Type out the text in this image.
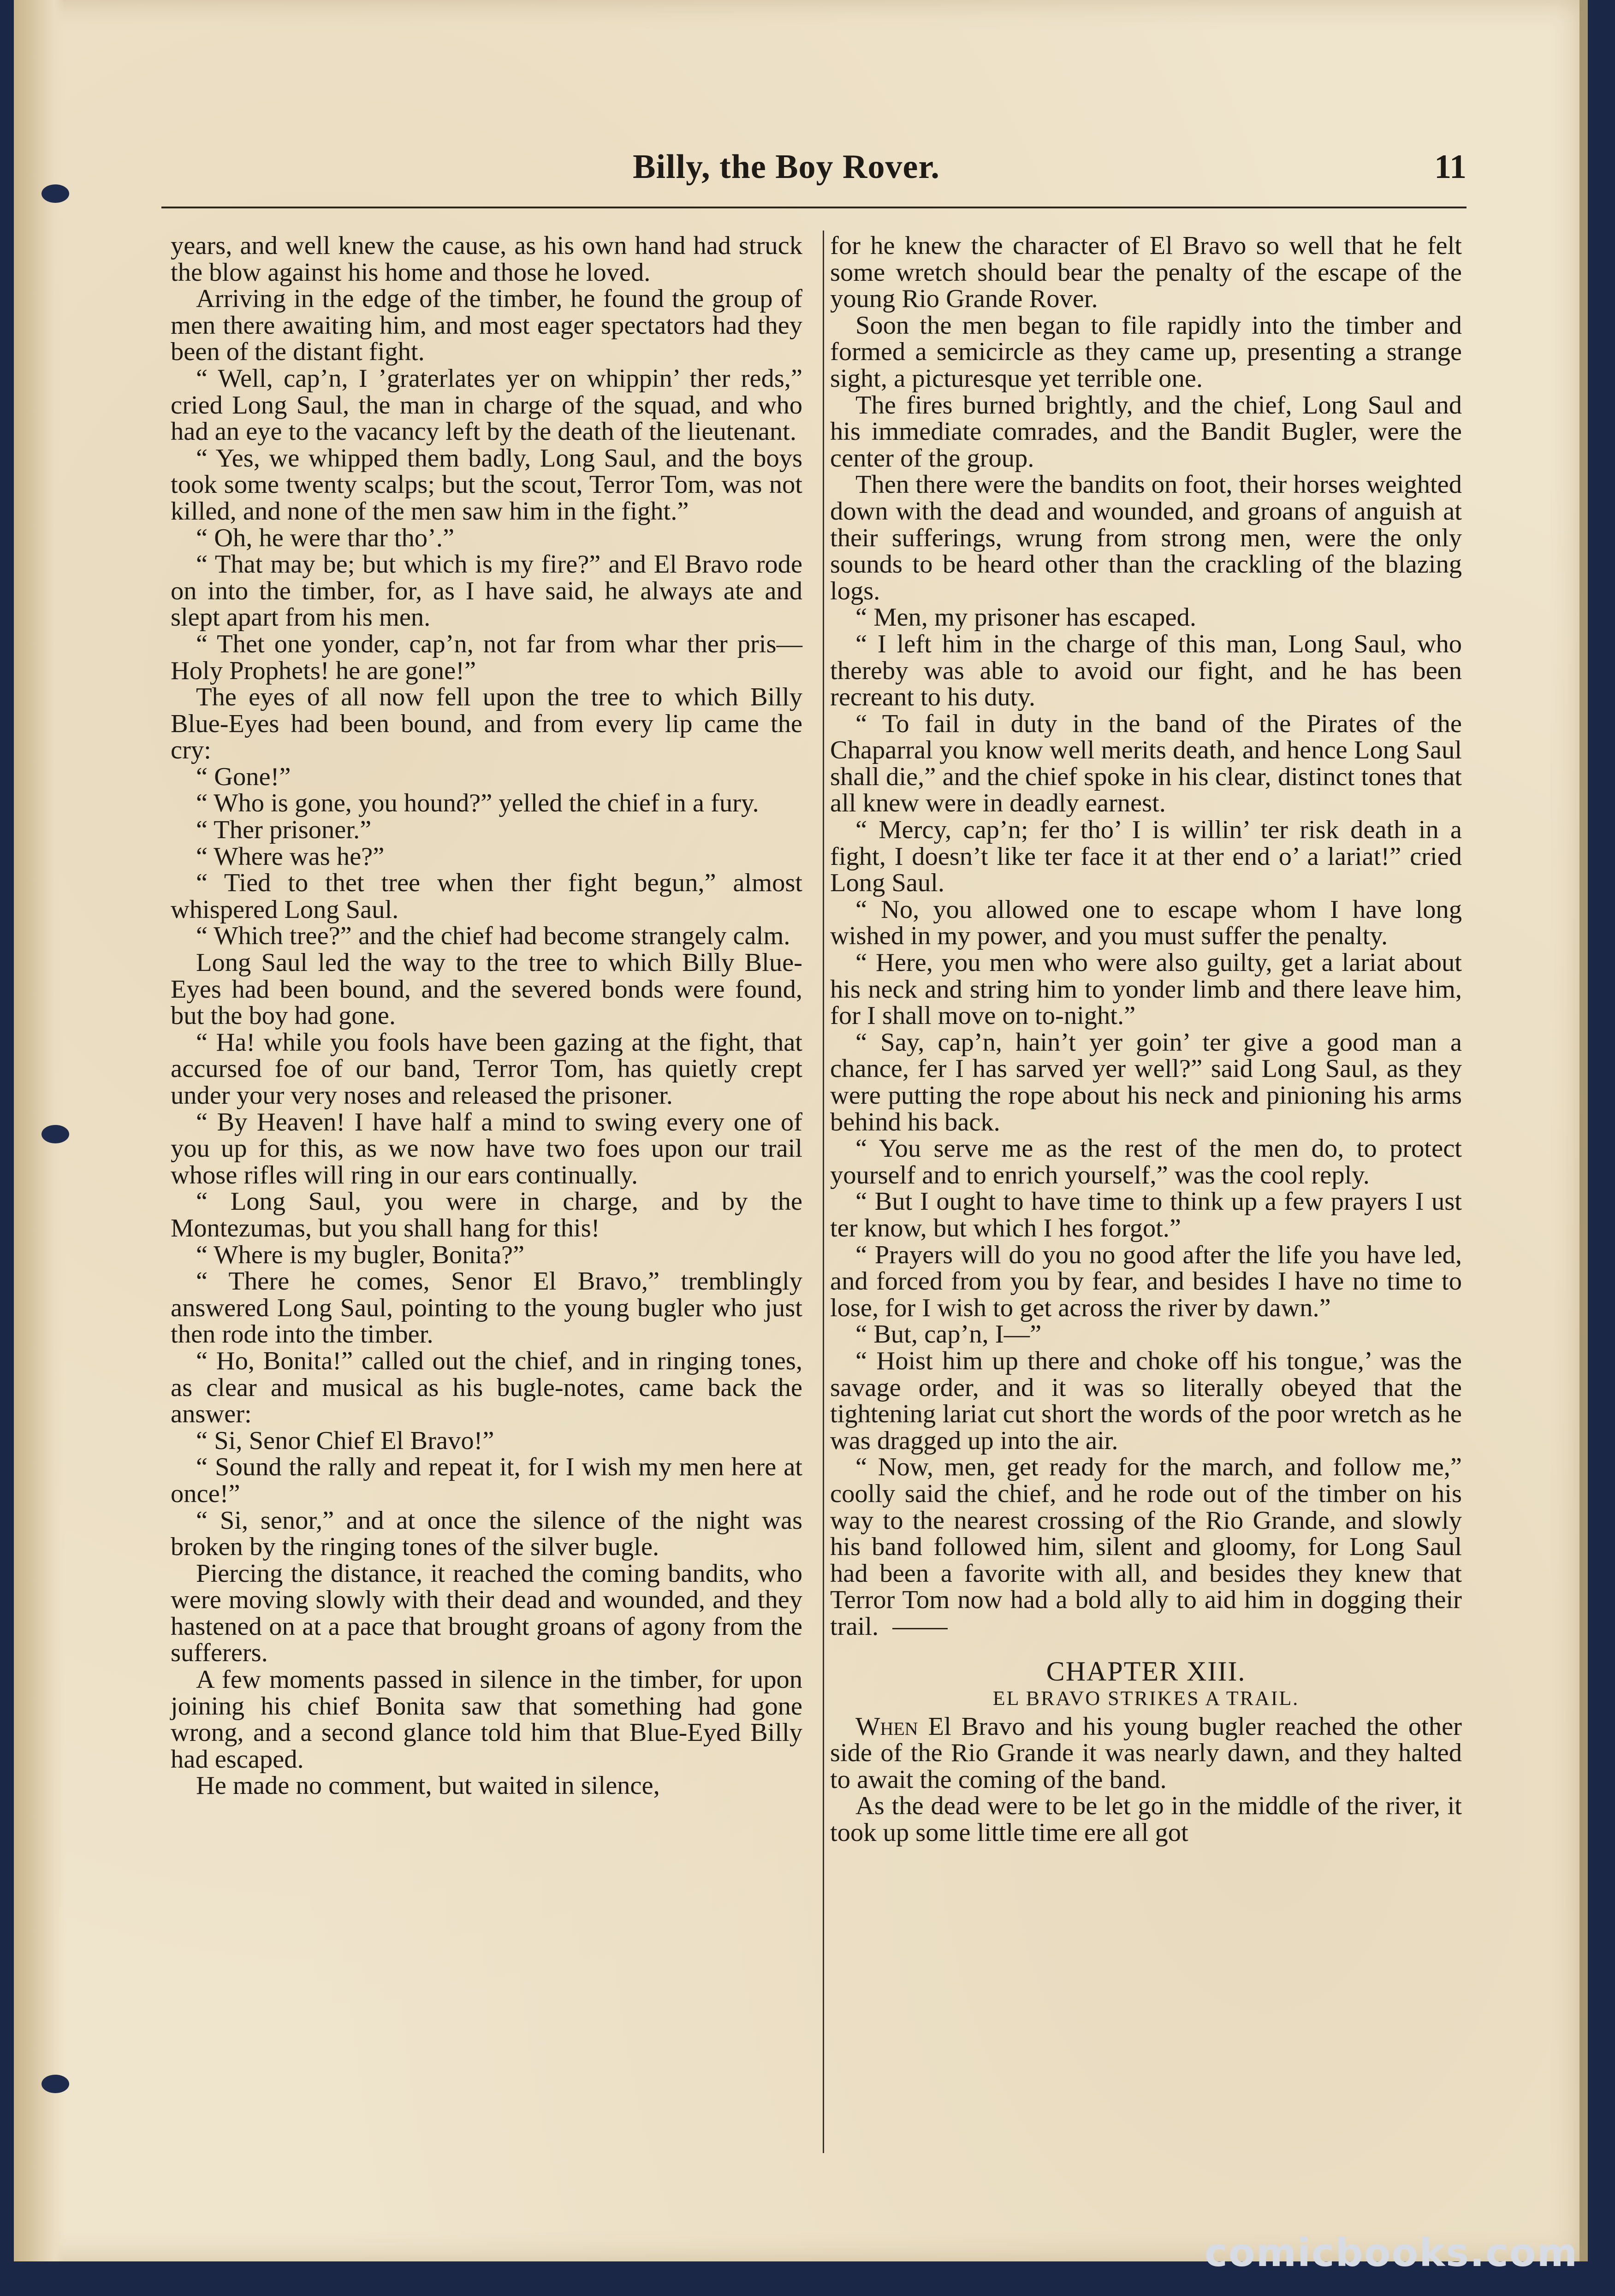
Billy, the Boy Rover.	11

years, and well knew the cause, as his own hand had struck the blow against his home and those he loved.

Arriving in the edge of the timber, he found the group of men there awaiting him, and most eager spectators had they been of the distant fight.

“ Well, cap’n, I ’graterlates yer on whippin’ ther reds,” cried Long Saul, the man in charge of the squad, and who had an eye to the vacancy left by the death of the lieutenant.

“ Yes, we whipped them badly, Long Saul, and the boys took some twenty scalps; but the scout, Terror Tom, was not killed, and none of the men saw him in the fight.”

“ Oh, he were thar tho’.”

“ That may be; but which is my fire?” and El Bravo rode on into the timber, for, as I have said, he always ate and slept apart from his men.

“ Thet one yonder, cap’n, not far from whar ther pris— Holy Prophets! he are gone!”

The eyes of all now fell upon the tree to which Billy Blue-Eyes had been bound, and from every lip came the cry:

“ Gone!”

“ Who is gone, you hound?” yelled the chief in a fury.

“ Ther prisoner.”

“ Where was he?”

“ Tied to thet tree when ther fight begun,” almost whispered Long Saul.

“ Which tree?” and the chief had become strangely calm.

Long Saul led the way to the tree to which Billy Blue-Eyes had been bound, and the severed bonds were found, but the boy had gone.

“ Ha! while you fools have been gazing at the fight, that accursed foe of our band, Terror Tom, has quietly crept under your very noses and released the prisoner.

“ By Heaven! I have half a mind to swing every one of you up for this, as we now have two foes upon our trail whose rifles will ring in our ears continually.

“ Long Saul, you were in charge, and by the Montezumas, but you shall hang for this!

“ Where is my bugler, Bonita?”

“ There he comes, Senor El Bravo,” tremblingly answered Long Saul, pointing to the young bugler who just then rode into the timber.

“ Ho, Bonita!” called out the chief, and in ringing tones, as clear and musical as his bugle-notes, came back the answer:

“ Si, Senor Chief El Bravo!”

“ Sound the rally and repeat it, for I wish my men here at once!”

“ Si, senor,” and at once the silence of the night was broken by the ringing tones of the silver bugle.

Piercing the distance, it reached the coming bandits, who were moving slowly with their dead and wounded, and they hastened on at a pace that brought groans of agony from the sufferers.

A few moments passed in silence in the timber, for upon joining his chief Bonita saw that something had gone wrong, and a second glance told him that Blue-Eyed Billy had escaped.

He made no comment, but waited in silence,

for he knew the character of El Bravo so well that he felt some wretch should bear the penalty of the escape of the young Rio Grande Rover.

Soon the men began to file rapidly into the timber and formed a semicircle as they came up, presenting a strange sight, a picturesque yet terrible one.

The fires burned brightly, and the chief, Long Saul and his immediate comrades, and the Bandit Bugler, were the center of the group.

Then there were the bandits on foot, their horses weighted down with the dead and wounded, and groans of anguish at their sufferings, wrung from strong men, were the only sounds to be heard other than the crackling of the blazing logs.

“ Men, my prisoner has escaped.

“ I left him in the charge of this man, Long Saul, who thereby was able to avoid our fight, and he has been recreant to his duty.

“ To fail in duty in the band of the Pirates of the Chaparral you know well merits death, and hence Long Saul shall die,” and the chief spoke in his clear, distinct tones that all knew were in deadly earnest.

“ Mercy, cap’n; fer tho’ I is willin’ ter risk death in a fight, I doesn’t like ter face it at ther end o’ a lariat!” cried Long Saul.

“ No, you allowed one to escape whom I have long wished in my power, and you must suffer the penalty.

“ Here, you men who were also guilty, get a lariat about his neck and string him to yonder limb and there leave him, for I shall move on to-night.”

“ Say, cap’n, hain’t yer goin’ ter give a good man a chance, fer I has sarved yer well?” said Long Saul, as they were putting the rope about his neck and pinioning his arms behind his back.

“ You serve me as the rest of the men do, to protect yourself and to enrich yourself,” was the cool reply.

“ But I ought to have time to think up a few prayers I ust ter know, but which I hes forgot.”

“ Prayers will do you no good after the life you have led, and forced from you by fear, and besides I have no time to lose, for I wish to get across the river by dawn.”

“ But, cap’n, I—”

“ Hoist him up there and choke off his tongue,’ was the savage order, and it was so literally obeyed that the tightening lariat cut short the words of the poor wretch as he was dragged up into the air.

“ Now, men, get ready for the march, and follow me,” coolly said the chief, and he rode out of the timber on his way to the nearest crossing of the Rio Grande, and slowly his band followed him, silent and gloomy, for Long Saul had been a favorite with all, and besides they knew that Terror Tom now had a bold ally to aid him in dogging their trail.

CHAPTER XIII.
EL BRAVO STRIKES A TRAIL.

When El Bravo and his young bugler reached the other side of the Rio Grande it was nearly dawn, and they halted to await the coming of the band.

As the dead were to be let go in the middle of the river, it took up some little time ere all got

comicbooks.com
